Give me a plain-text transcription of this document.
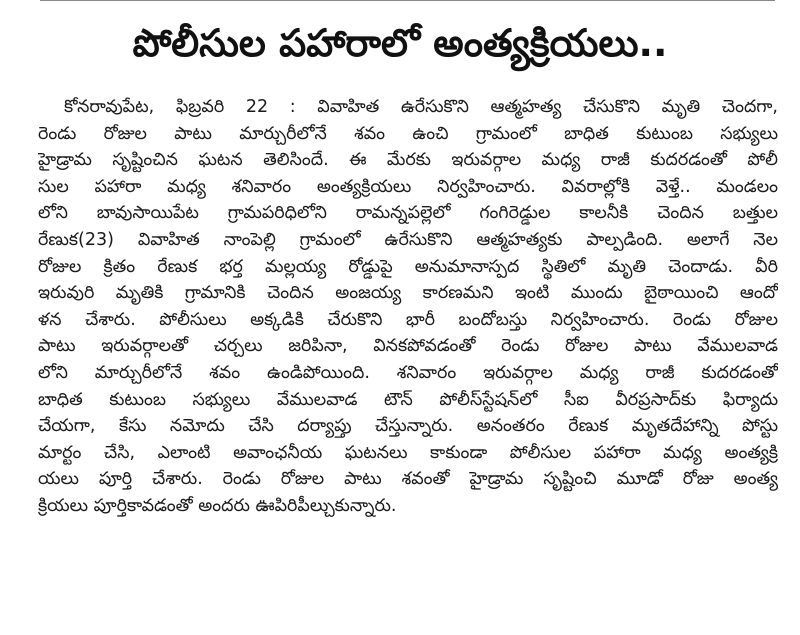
పోలీసుల పహారాలో అంత్యక్రియలు..
కోనరావుపేట, ఫిబ్రవరి 22 : వివాహిత ఉరేసుకొని ఆత్మహత్య చేసుకొని మృతి చెందగా,
రెండు రోజుల పాటు మార్చురీలోనే శవం ఉంచి గ్రామంలో బాధిత కుటుంబ సభ్యులు
హైడ్రామ సృష్టించిన ఘటన తెలిసిందే. ఈ మేరకు ఇరువర్గాల మధ్య రాజీ కుదరడంతో పోలీ
సుల పహారా మధ్య శనివారం అంత్యక్రియలు నిర్వహించారు. వివరాల్లోకి వెళ్తే.. మండలం
లోని బావుసాయిపేట గ్రామపరిధిలోని రామన్నపల్లెలో గంగిరెడ్డుల కాలనీకి చెందిన బత్తుల
రేణుక(23) వివాహిత నాంపెల్లి గ్రామంలో ఉరేసుకొని ఆత్మహత్యకు పాల్పడింది. అలాగే నెల
రోజుల క్రితం రేణుక భర్త మల్లయ్య రోడ్డుపై అనుమానాస్పద స్థితిలో మృతి చెందాడు. వీరి
ఇరువురి మృతికి గ్రామానికి చెందిన అంజయ్య కారణమని ఇంటి ముందు బైఠాయించి ఆందో
ళన చేశారు. పోలీసులు అక్కడికి చేరుకొని భారీ బందోబస్తు నిర్వహించారు. రెండు రోజుల
పాటు ఇరువర్గాలతో చర్చలు జరిపినా, వినకపోవడంతో రెండు రోజుల పాటు వేములవాడ
లోని మార్చురీలోనే శవం ఉండిపోయింది. శనివారం ఇరువర్గాల మధ్య రాజీ కుదరడంతో
బాధిత కుటుంబ సభ్యులు వేములవాడ టౌన్ పోలీస్‌స్టేషన్‌లో సీఐ వీరప్రసాద్‌కు ఫిర్యాదు
చేయగా, కేసు నమోదు చేసి దర్యాప్తు చేస్తున్నారు. అనంతరం రేణుక మృతదేహాన్ని పోస్టు
మార్టం చేసి, ఎలాంటి అవాంఛనీయ ఘటనలు కాకుండా పోలీసుల పహారా మధ్య అంత్యక్రి
యలు పూర్తి చేశారు. రెండు రోజుల పాటు శవంతో హైడ్రామ సృష్టించి మూడో రోజు అంత్య
క్రియలు పూర్తికావడంతో అందరు ఊపిరిపీల్చుకున్నారు.
